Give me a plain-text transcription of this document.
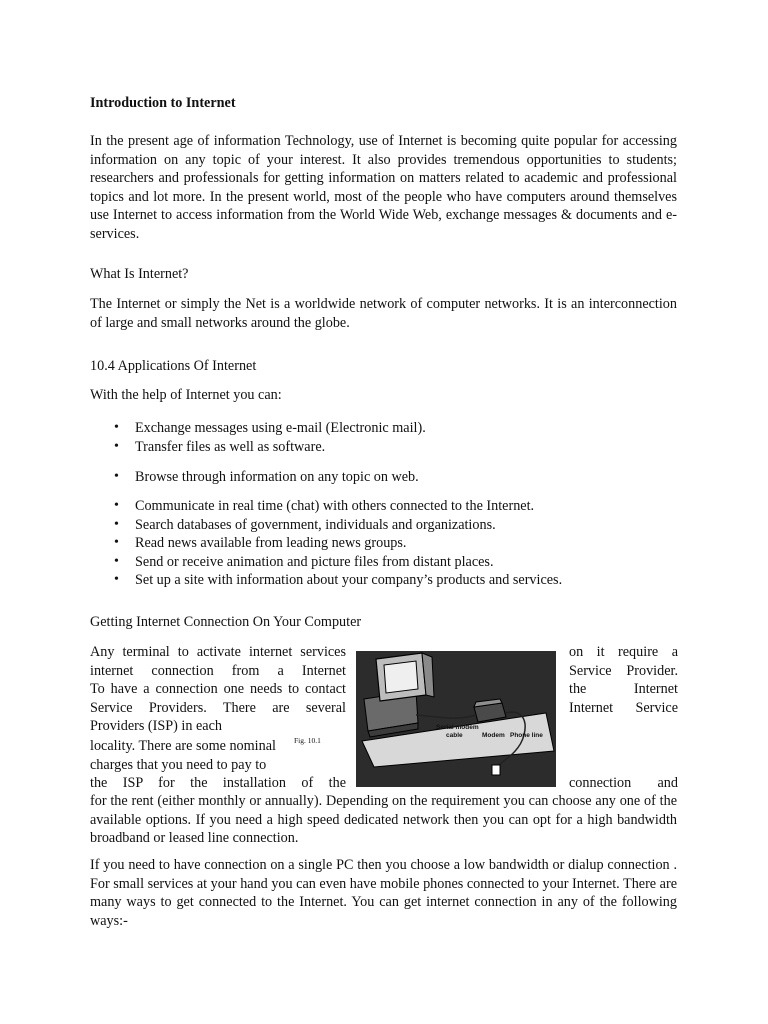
Introduction to Internet

In the present age of information Technology, use of Internet is becoming quite popular for accessing information on any topic of your interest. It also provides tremendous opportunities to students; researchers and professionals for getting information on matters related to academic and professional topics and lot more. In the present world, most of the people who have computers around themselves use Internet to access information from the World Wide Web, exchange messages & documents and e-services.

What Is Internet?

The Internet or simply the Net is a worldwide network of computer networks. It is an interconnection of large and small networks around the globe.

10.4 Applications Of Internet
With the help of Internet you can:
• Exchange messages using e-mail (Electronic mail).
• Transfer files as well as software.
• Browse through information on any topic on web.
• Communicate in real time (chat) with others connected to the Internet.
• Search databases of government, individuals and organizations.
• Read news available from leading news groups.
• Send or receive animation and picture files from distant places.
• Set up a site with information about your company’s products and services.
Getting Internet Connection On Your Computer
Any terminal to activate internet services
internet connection from a Internet
To have a connection one needs to contact
Service Providers. There are several
Providers (ISP) in each
locality. There are some nominal
charges that you need to pay to
Fig. 10.1
on it require a
Service Provider.
the Internet
Internet Service
Serial modem
cable	Modem Phone line
the ISP for the installation of the	connection and

for the rent (either monthly or annually). Depending on the requirement you can choose any one of the available options. If you need a high speed dedicated network then you can opt for a high bandwidth broadband or leased line connection.

If you need to have connection on a single PC then you choose a low bandwidth or dialup connection . For small services at your hand you can even have mobile phones connected to your Internet. There are many ways to get connected to the Internet. You can get internet connection in any of the following ways:-
